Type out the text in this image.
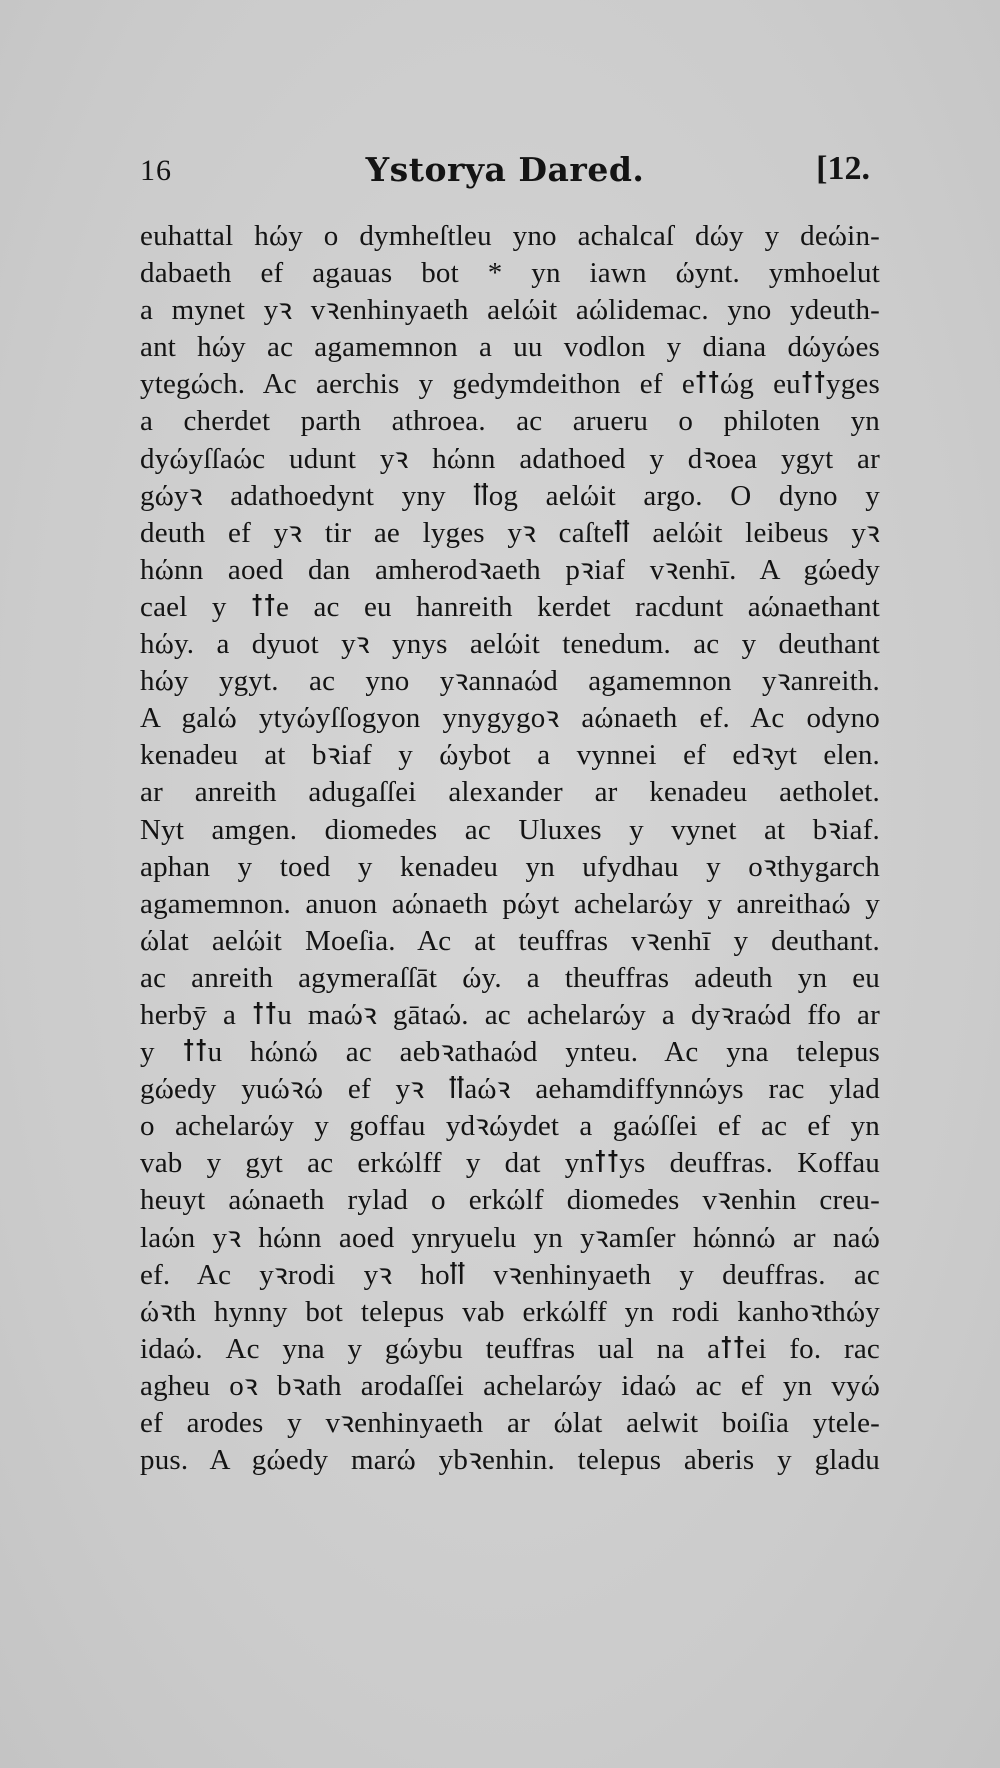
16	Ystorya Dared.	[12.
euhattal hώy o dymheſtleu yno achalcaſ dώy y deώin-
dabaeth ef agauas bot * yn iawn ώynt. ymhoelut
a mynet yꝛ vꝛenhinyaeth aelώit aώlidemac. yno ydeuth-
ant hώy ac agamemnon a uu vodlon y diana dώyώes
ytegώch. Ac aerchis y gedymdeithon ef eꝉꝉώg euꝉꝉyges
a cherdet parth athroea. ac arueru o philoten yn
dyώyſſaώc udunt yꝛ hώnn adathoed y dꝛoea ygyt ar
gώyꝛ adathoedynt yny ꝉꝉog aelώit argo. O dyno y
deuth ef yꝛ tir ae lyges yꝛ caſteꝉꝉ aelώit leibeus yꝛ
hώnn aoed dan amherodꝛaeth pꝛiaf vꝛenhī. A gώedy
cael y ꝉꝉe ac eu hanreith kerdet racdunt aώnaethant
hώy. a dyuot yꝛ ynys aelώit tenedum. ac y deuthant
hώy ygyt. ac yno yꝛannaώd agamemnon yꝛanreith.
A galώ ytyώyſſogyon ynygygoꝛ aώnaeth ef. Ac odyno
kenadeu at bꝛiaf y ώybot a vynnei ef edꝛyt elen.
ar anreith adugaſſei alexander ar kenadeu aetholet.
Nyt amgen. diomedes ac Uluxes y vynet at bꝛiaf.
aphan y toed y kenadeu yn ufydhau y oꝛthygarch
agamemnon. anuon aώnaeth pώyt achelarώy y anreithaώ y
ώlat aelώit Moeſia. Ac at teuffras vꝛenhī y deuthant.
ac anreith agymeraſſāt ώy. a theuffras adeuth yn eu
herbȳ a ꝉꝉu maώꝛ gātaώ. ac achelarώy a dyꝛraώd ffo ar
y ꝉꝉu hώnώ ac aebꝛathaώd ynteu. Ac yna telepus
gώedy yuώꝛώ ef yꝛ ꝉꝉaώꝛ aehamdiffynnώys rac ylad
o achelarώy y goffau ydꝛώydet a gaώſſei ef ac ef yn
vab y gyt ac erkώlff y dat ynꝉꝉys deuffras. Koffau
heuyt aώnaeth rylad o erkώlf diomedes vꝛenhin creu-
laώn yꝛ hώnn aoed ynryuelu yn yꝛamſer hώnnώ ar naώ
ef. Ac yꝛrodi yꝛ hoꝉꝉ vꝛenhinyaeth y deuffras. ac
ώꝛth hynny bot telepus vab erkώlff yn rodi kanhoꝛthώy
idaώ. Ac yna y gώybu teuffras ual na aꝉꝉei fo. rac
agheu oꝛ bꝛath arodaſſei achelarώy idaώ ac ef yn vyώ
ef arodes y vꝛenhinyaeth ar ώlat aelwit boiſia ytele-
pus. A gώedy marώ ybꝛenhin. telepus aberis y gladu
